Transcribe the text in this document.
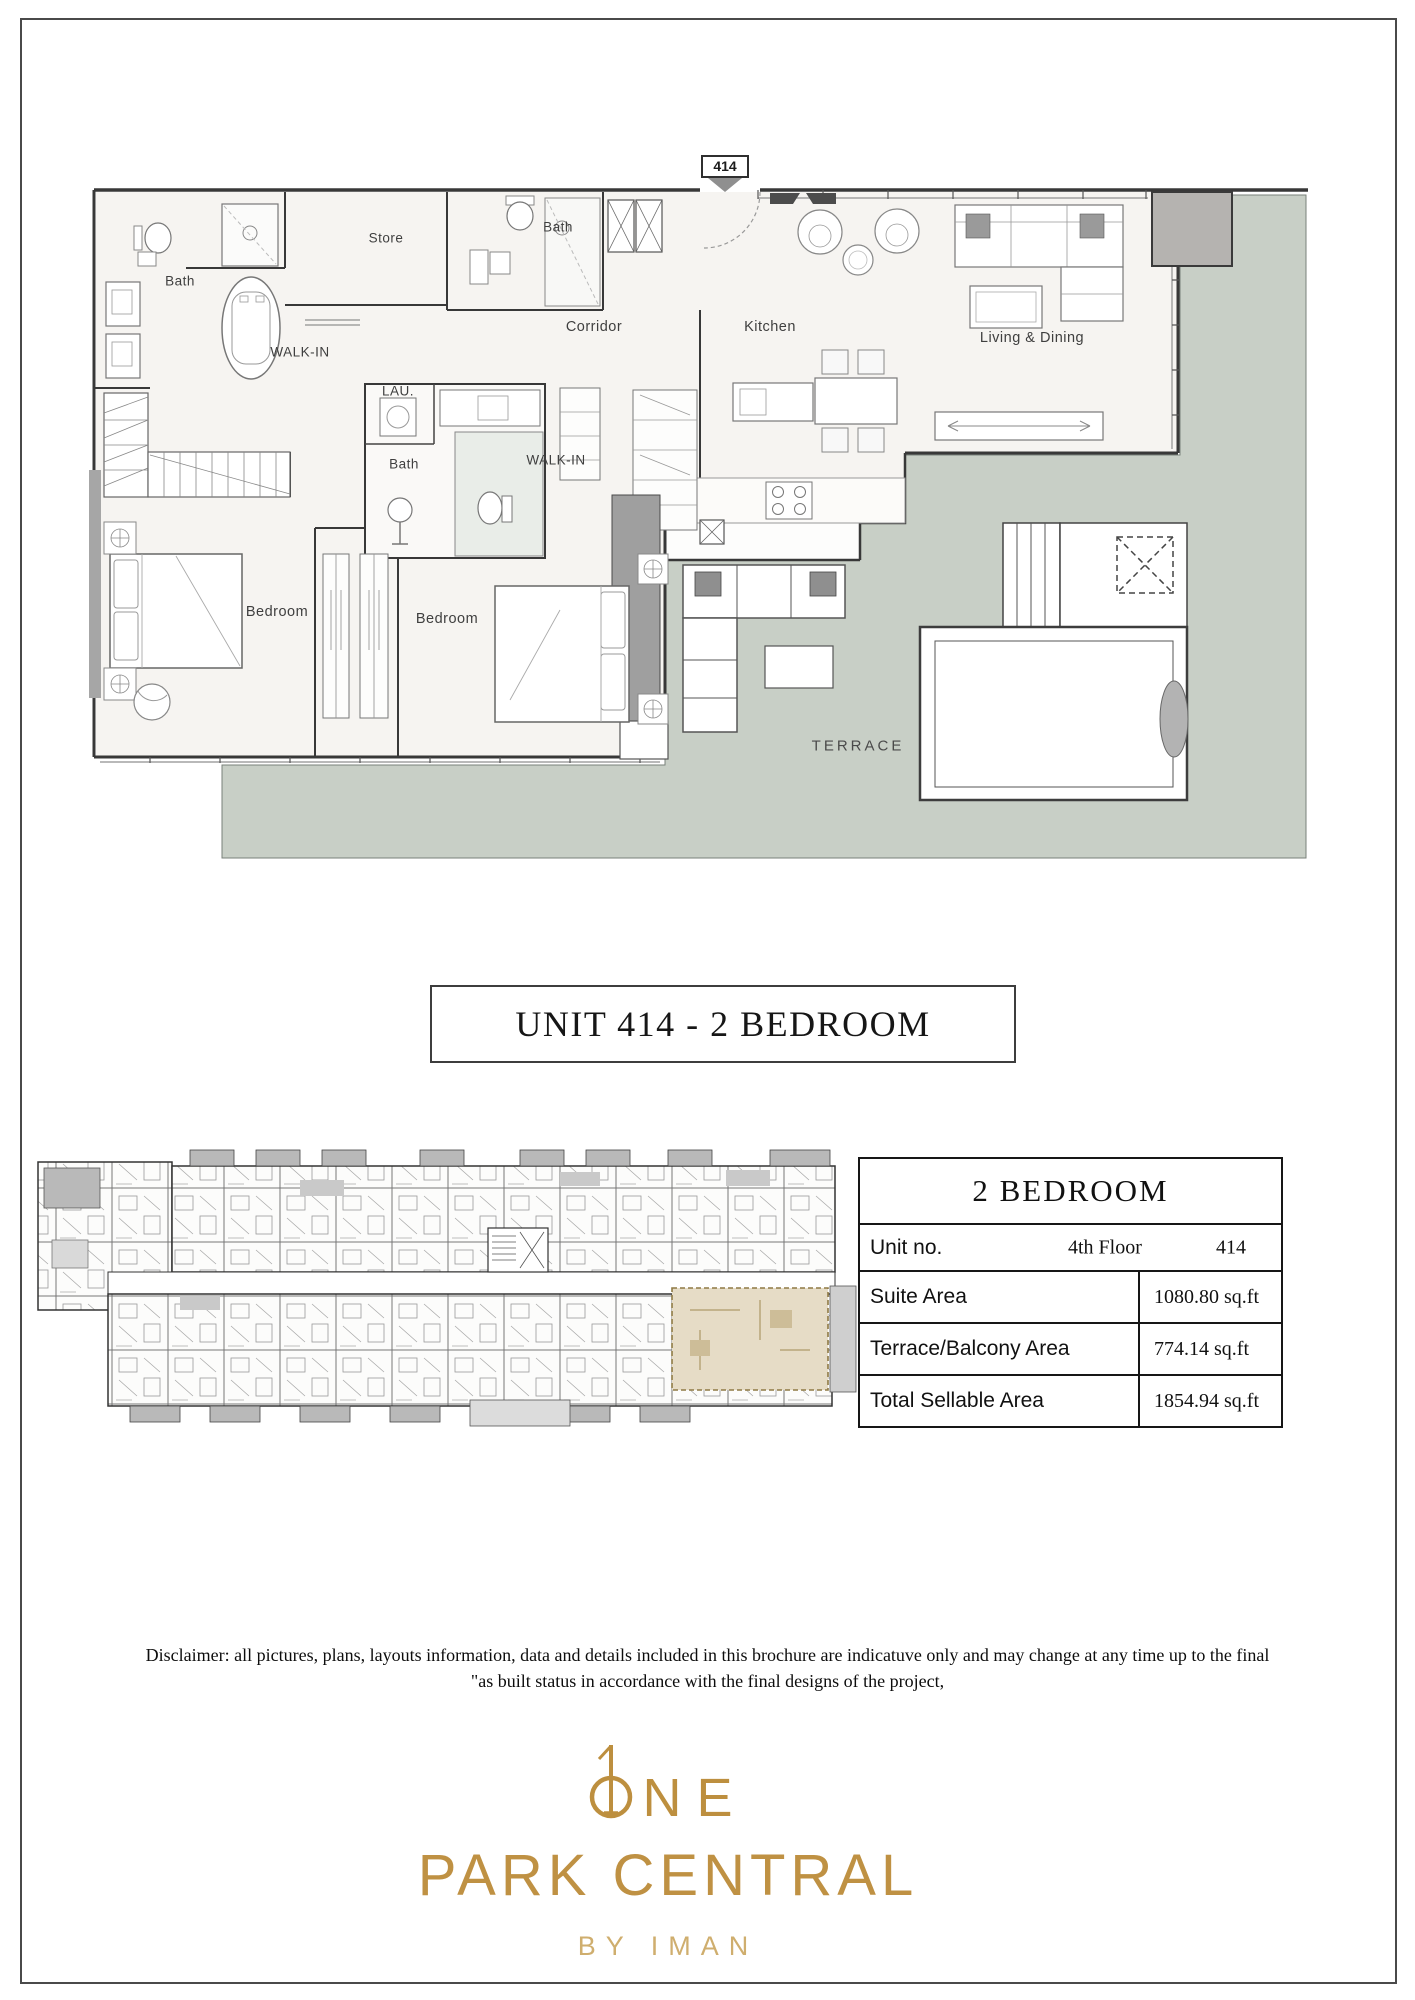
414
Bath
Store
Bath
Corridor	Kitchen
Living & Dining
WALK-IN
LAU.
Bath	WALK-IN
Bedroom	Bedroom
TERRACE
UNIT 414 - 2 BEDROOM
2 BEDROOM
Unit no.	4th Floor	414
Suite Area	1080.80 sq.ft
Terrace/Balcony Area	774.14 sq.ft
Total Sellable Area	1854.94 sq.ft
Disclaimer: all pictures, plans, layouts information, data and details included in this brochure are indicatuve only and may change at any time up to the final
"as built status in accordance with the final designs of the project,
NE
PARK CENTRAL
BY IMAN
